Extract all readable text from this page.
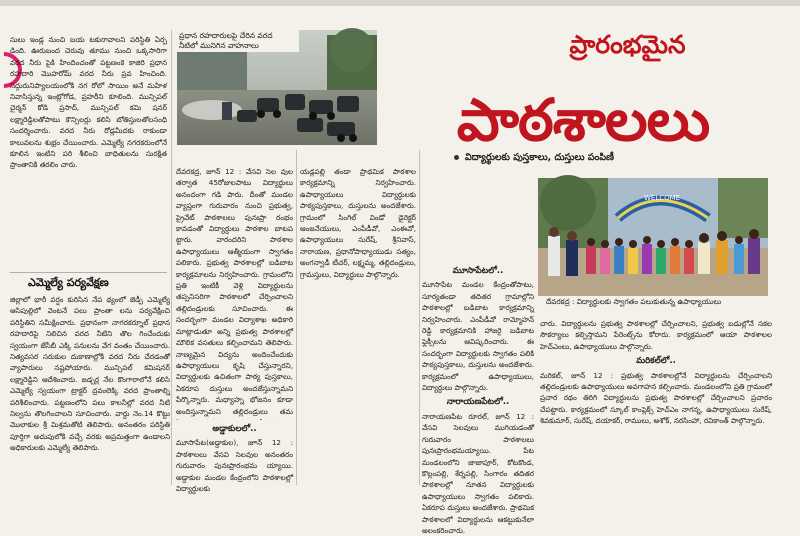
సులు ఇండ్ల నుంచి బయ టకురావాలని పరిస్థితి ఏర్ప డింది. ఊరుబంద చెరువు తూము నుంచి ఒక్కసారిగా వరద నీరు పైకి హిందించంతో పట్టణంకె కాజిరి ప్రధాన రహదారి మొహరోమ్ వరద నీరు ప్రవ హించింది. సద్గురునిప్యాలయంలోకి నగ రోలో సాయిం అనే మహిళ నివాసిస్తున్న ఇంట్లోగోడ, ప్రహరీని కూలింది. మున్సిపల్ చైర్మన్ కోడి ప్రసాద్, మున్సిపల్ కమి షనర్ లక్ష్మారెడ్డిలతోపాటు కౌన్సిలర్లు కలిసి బోతిస్తులతోలసంధి సందర్శించారు. వరద నీరు రోడ్లమీదకు రాకుండా కాలువలను శుభ్రం చేయించారు. ఎమ్మెల్యే నగరకరుంలోనే కూలిన ఇంటిని పరి శీలించి బాధితులను సురక్షిత ప్రాంతానికి తరలిం చారు.

ప్రధాన రహదారులపై చేరిన వరద
నీటిలో మునిగిన వాహనాలు	ప్రారంభమైన
పాఠశాలలు
విద్యార్థులకు పుస్తకాలు, దుస్తులు పంపిణీ
ఎమ్మెల్యే పర్యవేక్షణ

జిల్లాలో భారీ వర్షం కురిసిన నేప థ్యంలో జెడ్పీ ఎమ్మెల్యే ఆసిపుల్లిలో వెంటనే పలు ప్రాంతా లను పర్యవేక్షించి పరిస్థితిని సమీక్షించారు. ప్రధానంగా నాగరకర్నూల్ ప్రధాన రహదారిపై నిలిచిన వరద నీటిని తొల గించేందుకు స్వయంగా జేసీబీ ఎక్కి పనులను వేగ వంతం చేయించారు. నిత్యవసర సరుకుల దుకాణాల్లోకి వరద నీరు చేరడంతో వ్యాపారులు నష్టపోయారు. మున్సిపల్ కమిషనర్ లక్ష్మారెడ్డిని ఆదేశించారు. జడ్చర్ల నేల కొంగారాలోనే కలిసి ఎమ్మెల్యే స్వయంగా ట్రాక్టర్ ద్రవంలెక్కి వరద ప్రాంతాల్ని పరిశీలించారు. పట్టణంలోని పలు కాలనీల్లో వరద నీటి నిల్వను తొలగించాలని సూచించారు. వార్డు నెం.14 కొట్టు మొలాకుల శ్రీ మిశ్రమతోటి తెలిపారు. అనంతరం పరిస్థితి పూర్తిగా అదుపులోకి వచ్చే వరకు అప్రమత్తంగా ఉండాలని అధికారులకు ఎమ్మెల్యే తెలిపారు.

దేవరకద్ర, జూన్ 12 : వేసవి సెల వుల తర్వాత 45రోజులపాటు విద్యార్థులు అనందంగా గడి పారు. దీంతో మండల వ్యాప్తంగా గురువారం నుంచి ప్రభుత్వ, ప్రైవేట్ పాఠశాలలు పునఃప్రా రంభం కావడంతో విద్యార్థులు పాఠశాల బాటప ట్టారు. వారందరిని పాఠశాల ఉపాధ్యాయులు ఆత్మీయంగా స్వాగతం పలికారు. ప్రభుత్వ పాఠశాలల్లో బడిబాట కార్యక్రమాలను నిర్వహించారు. గ్రామంలోని ప్రతి ఇంటికీ వెళ్లి విద్యార్థులను తప్పనిసరిగా పాఠశాలలో చేర్పించాలని తల్లిదండ్రులకు సూచించారు. ఈ సందర్భంగా మండల విద్యాశాఖ అధికారి మాట్లాడుతూ అన్ని ప్రభుత్వ పాఠశాలల్లో మౌలిక వసతులు కల్పించామని తెలిపారు. నాణ్యమైన విద్యను అందించేందుకు ఉపాధ్యాయులు కృషి చేస్తున్నారని, విద్యార్థులకు ఉచితంగా పాఠ్య పుస్తకాలు, ఏకరూప దుస్తులు అందజేస్తున్నామని పేర్కొన్నారు. మధ్యాహ్న భోజనం కూడా అందిస్తున్నామని తల్లిదండ్రులు తమ

అడ్డాకులలో..

మూసాపేట(అడ్డాకుల), జూన్ 12 : పాఠశాలలు వేసవి సెలవుల అనంతరం గురువారం పునఃప్రారంభమ య్యాయి. అడ్డాకుల మండల కేంద్రంలోని పాఠశాలల్లో విద్యార్థులకు

యడ్లపల్లి తండా ప్రాథమిక పాఠశాల కార్యక్రమాన్ని నిర్వహించారు. ఉపాధ్యాయులు విద్యార్థులకు పాఠ్యపుస్తకాలు, దుస్తులను అందజేశారు. గ్రామంలో సింగిల్ విండో డైరెక్టర్ ఆంజనేయులు, ఎంపీడీవో, ఎంఈవో, ఉపాధ్యాయులు సురేష్, శ్రీనివాస్, నారాయణ, ప్రధానోపాధ్యాయుడు సత్యం, అంగన్వాడీ టీచర్, లక్ష్మమ్మ, తల్లిదండ్రులు, గ్రామస్తులు, విద్యార్థులు పాల్గొన్నారు.	మూసాపేటలో..

మూసాపేట మండల కేంద్రంతోపాటు, సూర్యతండా తదితర గ్రామాల్లోని పాఠశాలల్లో బడిబాట కార్యక్రమాన్ని నిర్వహించారు. ఎంపీడీవో రామ్మోహన్ రెడ్డి కార్యక్రమానికి హాజరై బడిబాట ఫ్లెక్సీలను ఆవిష్కరించారు. ఈ సందర్భంగా విద్యార్థులకు స్వాగతం పలికి పాఠ్యపుస్తకాలు, దుస్తులను అందజేశారు. కార్యక్రమంలో ఉపాధ్యాయులు, విద్యార్థులు పాల్గొన్నారు.

నారాయణపేటలో..

నారాయణపేట రూరల్, జూన్ 12 : వేసవి సెలవులు ముగియడంతో గురువారం పాఠశాలలు పునఃప్రారంభమయ్యాయి. పేట మండలంలోని జాజాపూర్, కోటకొండ, కొల్లంపల్లి, శేర్నపల్లి, సింగారం తదితర పాఠశాలల్లో నూతన విద్యార్థులకు ఉపాధ్యాయులు స్వాగతం పలికారు. ఏకరూప దుస్తులు అందజేశారు. ప్రాథమిక పాఠశాలలో విద్యార్థులను ఆకట్టుకునేలా అలంకరించారు.

WELCOME
దేవరకద్ర : విద్యార్థులకు స్వాగతం పలుకుతున్న ఉపాధ్యాయులు

చారు. విద్యార్థులను ప్రభుత్వ పాఠశాలల్లో చేర్పించాలని, ప్రభుత్వ బడుల్లోనే సకల సౌకర్యాలు కల్పిస్తామని పేరెంట్స్‌ను కోరారు. కార్యక్రమంలో ఆయా పాఠశాలల హెచ్ఎంలు, ఉపాధ్యాయులు పాల్గొన్నారు.

మరికల్‌లో..

మరికల్, జూన్ 12 : ప్రభుత్వ పాఠశాలల్లోనే విద్యార్థులను చేర్పించాలని తల్లిదండ్రులకు ఉపాధ్యాయులు అవగాహన కల్పించారు. మండలంలోని ప్రతి గ్రామంలో ప్రచార రథం తిరిగి విద్యార్థులను ప్రభుత్వ పాఠశాలల్లో చేర్పించాలని ప్రచారం చేపట్టారు. కార్యక్రమంలో స్కూల్ కాంప్లెక్స్ హెచ్ఎం నాగన్న, ఉపాధ్యాయులు సురేష్, శివకుమార్, సురేష్, దయాకర్, రాములు, అశోక్, నరసింహా, రవికాంత్ పాల్గొన్నారు.
